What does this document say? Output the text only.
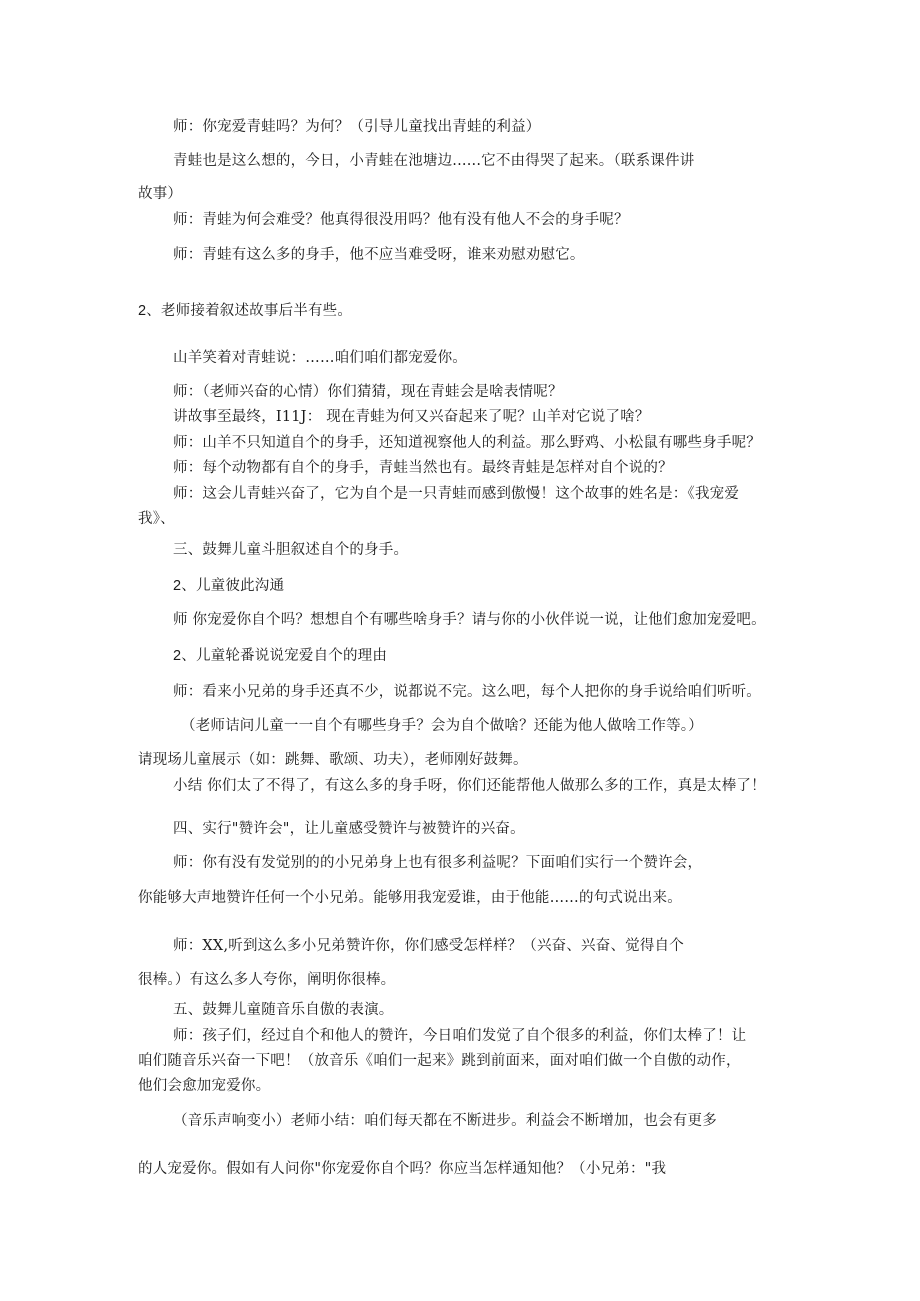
师：你宠爱青蛙吗？为何？（引导儿童找出青蛙的利益）
青蛙也是这么想的，今日，小青蛙在池塘边......它不由得哭了起来。（联系课件讲
故事）
师：青蛙为何会难受？他真得很没用吗？他有没有他人不会的身手呢？
师：青蛙有这么多的身手，他不应当难受呀，谁来劝慰劝慰它。
2、老师接着叙述故事后半有些。
山羊笑着对青蛙说：……咱们咱们都宠爱你。
师：（老师兴奋的心情）你们猜猜，现在青蛙会是啥表情呢？
讲故事至最终，I11J： 现在青蛙为何又兴奋起来了呢？山羊对它说了啥？
师：山羊不只知道自个的身手，还知道视察他人的利益。那么野鸡、小松鼠有哪些身手呢？
师：每个动物都有自个的身手，青蛙当然也有。最终青蛙是怎样对自个说的？
师：这会儿青蛙兴奋了，它为自个是一只青蛙而感到傲慢！这个故事的姓名是：《我宠爱
我》、
三、鼓舞儿童斗胆叙述自个的身手。
2、儿童彼此沟通
师 你宠爱你自个吗？想想自个有哪些啥身手？请与你的小伙伴说一说，让他们愈加宠爱吧。
2、儿童轮番说说宠爱自个的理由
师：看来小兄弟的身手还真不少，说都说不完。这么吧，每个人把你的身手说给咱们听听。
（老师诘问儿童一一自个有哪些身手？会为自个做啥？还能为他人做啥工作等。）
请现场儿童展示（如：跳舞、歌颂、功夫），老师刚好鼓舞。
小结 你们太了不得了，有这么多的身手呀，你们还能帮他人做那么多的工作，真是太棒了！
四、实行"赞许会"，让儿童感受赞许与被赞许的兴奋。
师：你有没有发觉别的的小兄弟身上也有很多利益呢？下面咱们实行一个赞许会，
你能够大声地赞许任何一个小兄弟。能够用我宠爱谁，由于他能……的句式说出来。
师：XX,听到这么多小兄弟赞许你，你们感受怎样样？（兴奋、兴奋、觉得自个
很棒。）有这么多人夸你，阐明你很棒。
五、鼓舞儿童随音乐自傲的表演。
师：孩子们，经过自个和他人的赞许，今日咱们发觉了自个很多的利益，你们太棒了！让
咱们随音乐兴奋一下吧！（放音乐《咱们一起来》跳到前面来，面对咱们做一个自傲的动作，
他们会愈加宠爱你。
（音乐声响变小）老师小结：咱们每天都在不断进步。利益会不断增加，也会有更多
的人宠爱你。假如有人问你"你宠爱你自个吗？你应当怎样通知他？（小兄弟："我
